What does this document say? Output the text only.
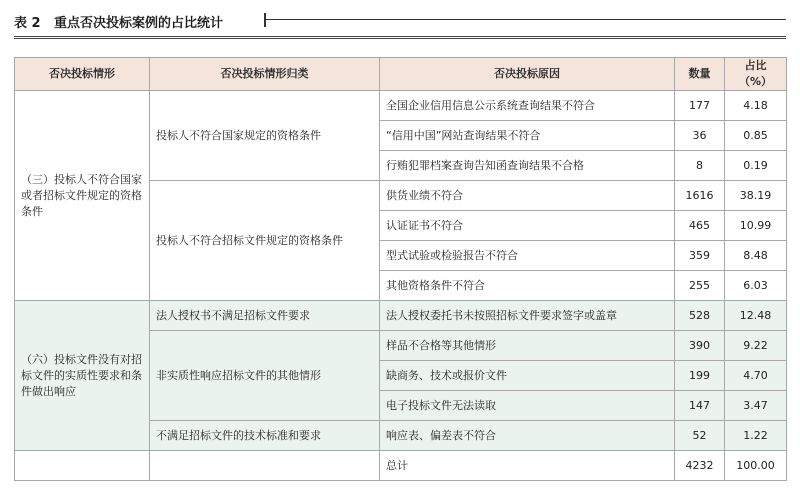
表 2 重点否决投标案例的占比统计
否决投标情形	否决投标情形归类	否决投标原因	数量	占比（%）
（三）投标人不符合国家或者招标文件规定的资格条件	投标人不符合国家规定的资格条件	全国企业信用信息公示系统查询结果不符合	177	4.18
		“信用中国”网站查询结果不符合	36	0.85
		行贿犯罪档案查询告知函查询结果不合格	8	0.19
	投标人不符合招标文件规定的资格条件	供货业绩不符合	1616	38.19
		认证证书不符合	465	10.99
		型式试验或检验报告不符合	359	8.48
		其他资格条件不符合	255	6.03
（六）投标文件没有对招标文件的实质性要求和条件做出响应	法人授权书不满足招标文件要求	法人授权委托书未按照招标文件要求签字或盖章	528	12.48
	非实质性响应招标文件的其他情形	样品不合格等其他情形	390	9.22
		缺商务、技术或报价文件	199	4.70
		电子投标文件无法读取	147	3.47
	不满足招标文件的技术标准和要求	响应表、偏差表不符合	52	1.22
		总计	4232	100.00
